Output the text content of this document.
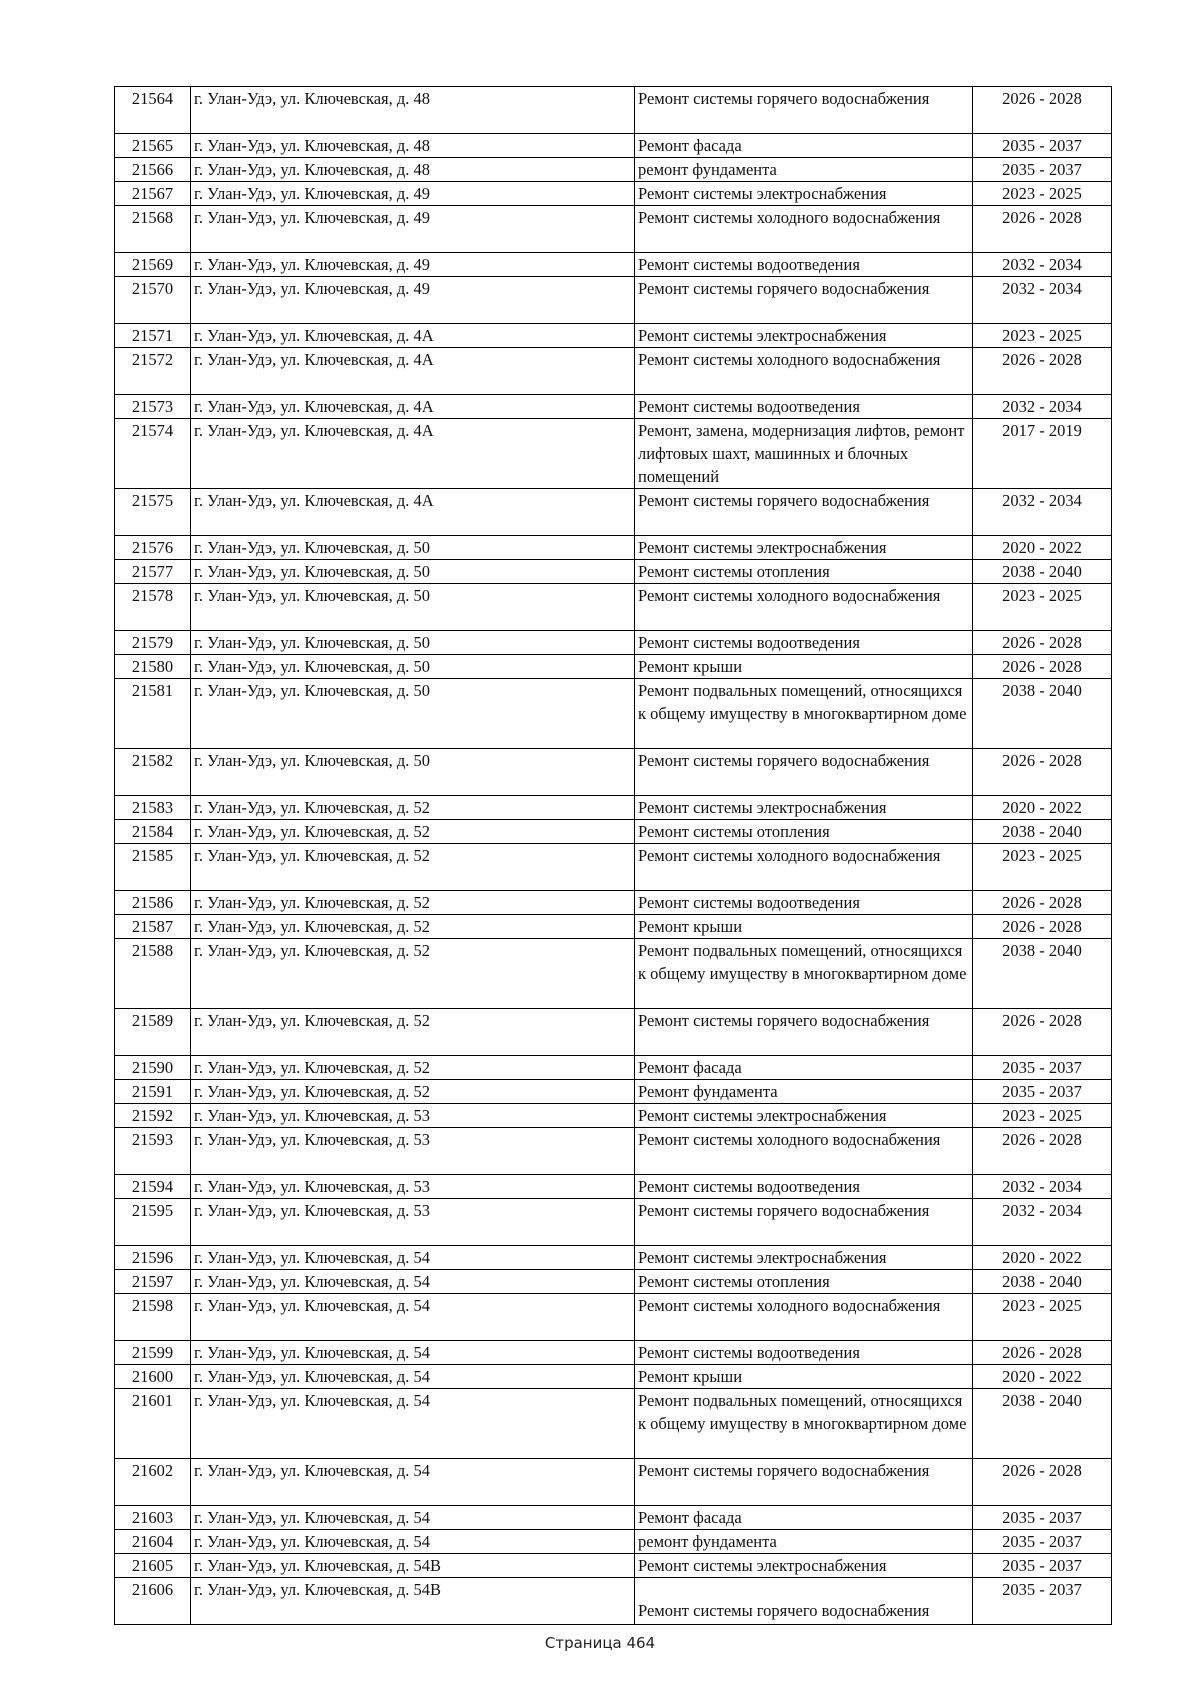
21564	г. Улан-Удэ, ул. Ключевская, д. 48	Ремонт системы горячего водоснабжения	2026 - 2028
21565	г. Улан-Удэ, ул. Ключевская, д. 48	Ремонт фасада	2035 - 2037
21566	г. Улан-Удэ, ул. Ключевская, д. 48	ремонт фундамента	2035 - 2037
21567	г. Улан-Удэ, ул. Ключевская, д. 49	Ремонт системы электроснабжения	2023 - 2025
21568	г. Улан-Удэ, ул. Ключевская, д. 49	Ремонт системы холодного водоснабжения	2026 - 2028
21569	г. Улан-Удэ, ул. Ключевская, д. 49	Ремонт системы водоотведения	2032 - 2034
21570	г. Улан-Удэ, ул. Ключевская, д. 49	Ремонт системы горячего водоснабжения	2032 - 2034
21571	г. Улан-Удэ, ул. Ключевская, д. 4А	Ремонт системы электроснабжения	2023 - 2025
21572	г. Улан-Удэ, ул. Ключевская, д. 4А	Ремонт системы холодного водоснабжения	2026 - 2028
21573	г. Улан-Удэ, ул. Ключевская, д. 4А	Ремонт системы водоотведения	2032 - 2034
21574	г. Улан-Удэ, ул. Ключевская, д. 4А	Ремонт, замена, модернизация лифтов, ремонт лифтовых шахт, машинных и блочных помещений	2017 - 2019
21575	г. Улан-Удэ, ул. Ключевская, д. 4А	Ремонт системы горячего водоснабжения	2032 - 2034
21576	г. Улан-Удэ, ул. Ключевская, д. 50	Ремонт системы электроснабжения	2020 - 2022
21577	г. Улан-Удэ, ул. Ключевская, д. 50	Ремонт системы отопления	2038 - 2040
21578	г. Улан-Удэ, ул. Ключевская, д. 50	Ремонт системы холодного водоснабжения	2023 - 2025
21579	г. Улан-Удэ, ул. Ключевская, д. 50	Ремонт системы водоотведения	2026 - 2028
21580	г. Улан-Удэ, ул. Ключевская, д. 50	Ремонт крыши	2026 - 2028
21581	г. Улан-Удэ, ул. Ключевская, д. 50	Ремонт подвальных помещений, относящихся к общему имуществу в многоквартирном доме	2038 - 2040
21582	г. Улан-Удэ, ул. Ключевская, д. 50	Ремонт системы горячего водоснабжения	2026 - 2028
21583	г. Улан-Удэ, ул. Ключевская, д. 52	Ремонт системы электроснабжения	2020 - 2022
21584	г. Улан-Удэ, ул. Ключевская, д. 52	Ремонт системы отопления	2038 - 2040
21585	г. Улан-Удэ, ул. Ключевская, д. 52	Ремонт системы холодного водоснабжения	2023 - 2025
21586	г. Улан-Удэ, ул. Ключевская, д. 52	Ремонт системы водоотведения	2026 - 2028
21587	г. Улан-Удэ, ул. Ключевская, д. 52	Ремонт крыши	2026 - 2028
21588	г. Улан-Удэ, ул. Ключевская, д. 52	Ремонт подвальных помещений, относящихся к общему имуществу в многоквартирном доме	2038 - 2040
21589	г. Улан-Удэ, ул. Ключевская, д. 52	Ремонт системы горячего водоснабжения	2026 - 2028
21590	г. Улан-Удэ, ул. Ключевская, д. 52	Ремонт фасада	2035 - 2037
21591	г. Улан-Удэ, ул. Ключевская, д. 52	Ремонт фундамента	2035 - 2037
21592	г. Улан-Удэ, ул. Ключевская, д. 53	Ремонт системы электроснабжения	2023 - 2025
21593	г. Улан-Удэ, ул. Ключевская, д. 53	Ремонт системы холодного водоснабжения	2026 - 2028
21594	г. Улан-Удэ, ул. Ключевская, д. 53	Ремонт системы водоотведения	2032 - 2034
21595	г. Улан-Удэ, ул. Ключевская, д. 53	Ремонт системы горячего водоснабжения	2032 - 2034
21596	г. Улан-Удэ, ул. Ключевская, д. 54	Ремонт системы электроснабжения	2020 - 2022
21597	г. Улан-Удэ, ул. Ключевская, д. 54	Ремонт системы отопления	2038 - 2040
21598	г. Улан-Удэ, ул. Ключевская, д. 54	Ремонт системы холодного водоснабжения	2023 - 2025
21599	г. Улан-Удэ, ул. Ключевская, д. 54	Ремонт системы водоотведения	2026 - 2028
21600	г. Улан-Удэ, ул. Ключевская, д. 54	Ремонт крыши	2020 - 2022
21601	г. Улан-Удэ, ул. Ключевская, д. 54	Ремонт подвальных помещений, относящихся к общему имуществу в многоквартирном доме	2038 - 2040
21602	г. Улан-Удэ, ул. Ключевская, д. 54	Ремонт системы горячего водоснабжения	2026 - 2028
21603	г. Улан-Удэ, ул. Ключевская, д. 54	Ремонт фасада	2035 - 2037
21604	г. Улан-Удэ, ул. Ключевская, д. 54	ремонт фундамента	2035 - 2037
21605	г. Улан-Удэ, ул. Ключевская, д. 54В	Ремонт системы электроснабжения	2035 - 2037
21606	г. Улан-Удэ, ул. Ключевская, д. 54В	Ремонт системы горячего водоснабжения	2035 - 2037
Страница 464
